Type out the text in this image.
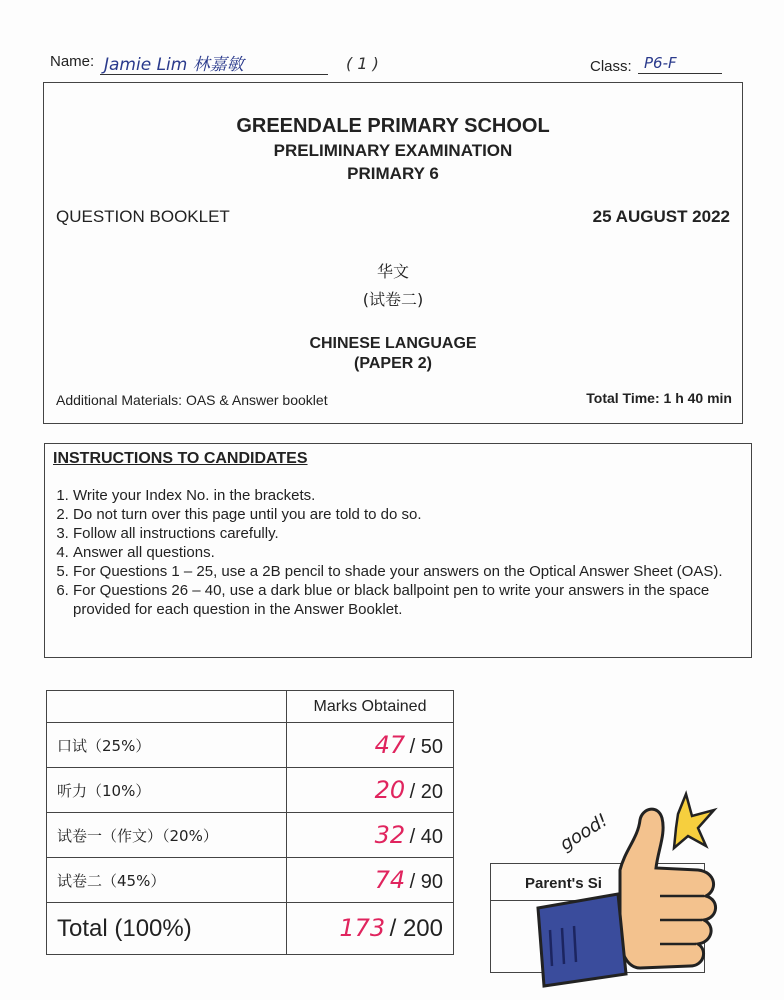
Name: Jamie Lim 林嘉敏	( 1 )	Class: P6-F
GREENDALE PRIMARY SCHOOL
PRELIMINARY EXAMINATION
PRIMARY 6
QUESTION BOOKLET	25 AUGUST 2022
华文
(试卷二)
CHINESE LANGUAGE
(PAPER 2)
Additional Materials: OAS & Answer booklet	Total Time: 1 h 40 min
INSTRUCTIONS TO CANDIDATES
1. Write your Index No. in the brackets.
2. Do not turn over this page until you are told to do so.
3. Follow all instructions carefully.
4. Answer all questions.
5. For Questions 1 – 25, use a 2B pencil to shade your answers on the Optical Answer Sheet (OAS).
6. For Questions 26 – 40, use a dark blue or black ballpoint pen to write your answers in the space provided for each question in the Answer Booklet.
	Marks Obtained
口试（25%）	47 / 50
听力（10%）	20 / 20
试卷一（作文）（20%）	32 / 40
试卷二（45%）	74 / 90
Total (100%)	173 / 200
Parent's Si
good!
